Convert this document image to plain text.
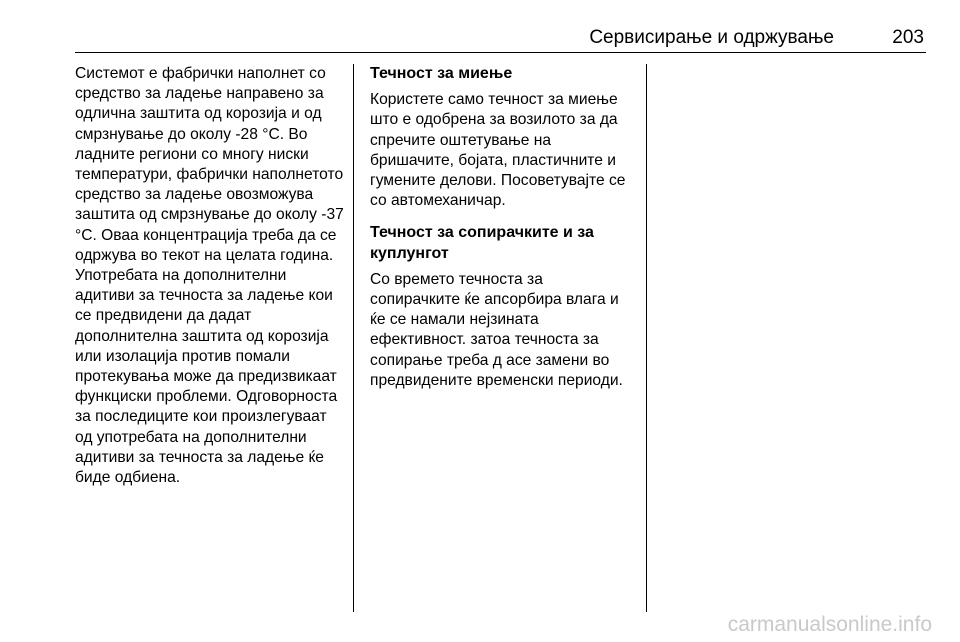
Сервисирање и одржување	203

Системот е фабрички наполнет со средство за ладење направено за одлична заштита од корозија и од смрзнување до околу -28 °C. Во ладните региони со многу ниски температури, фабрички наполнетото средство за ладење овозможува заштита од смрзнување до околу -37 °C. Оваа концентрација треба да се одржува во текот на целата година. Употребата на дополнителни адитиви за течноста за ладење кои се предвидени да дадат дополнителна заштита од корозија или изолација против помали протекувања може да предизвикаат функциски проблеми. Одговорноста за последиците кои произлегуваат од употребата на дополнителни адитиви за течноста за ладење ќе биде одбиена.

Течност за миење

Користете само течност за миење што е одобрена за возилото за да спречите оштетување на бришачите, бојата, пластичните и гумените делови. Посоветувајте се со автомеханичар.

Течност за сопирачките и за куплунгот

Со времето течноста за сопирачките ќе апсорбира влага и ќе се намали нејзината ефективност. затоа течноста за сопирање треба д асе замени во предвидените временски периоди.

carmanualsonline.info
